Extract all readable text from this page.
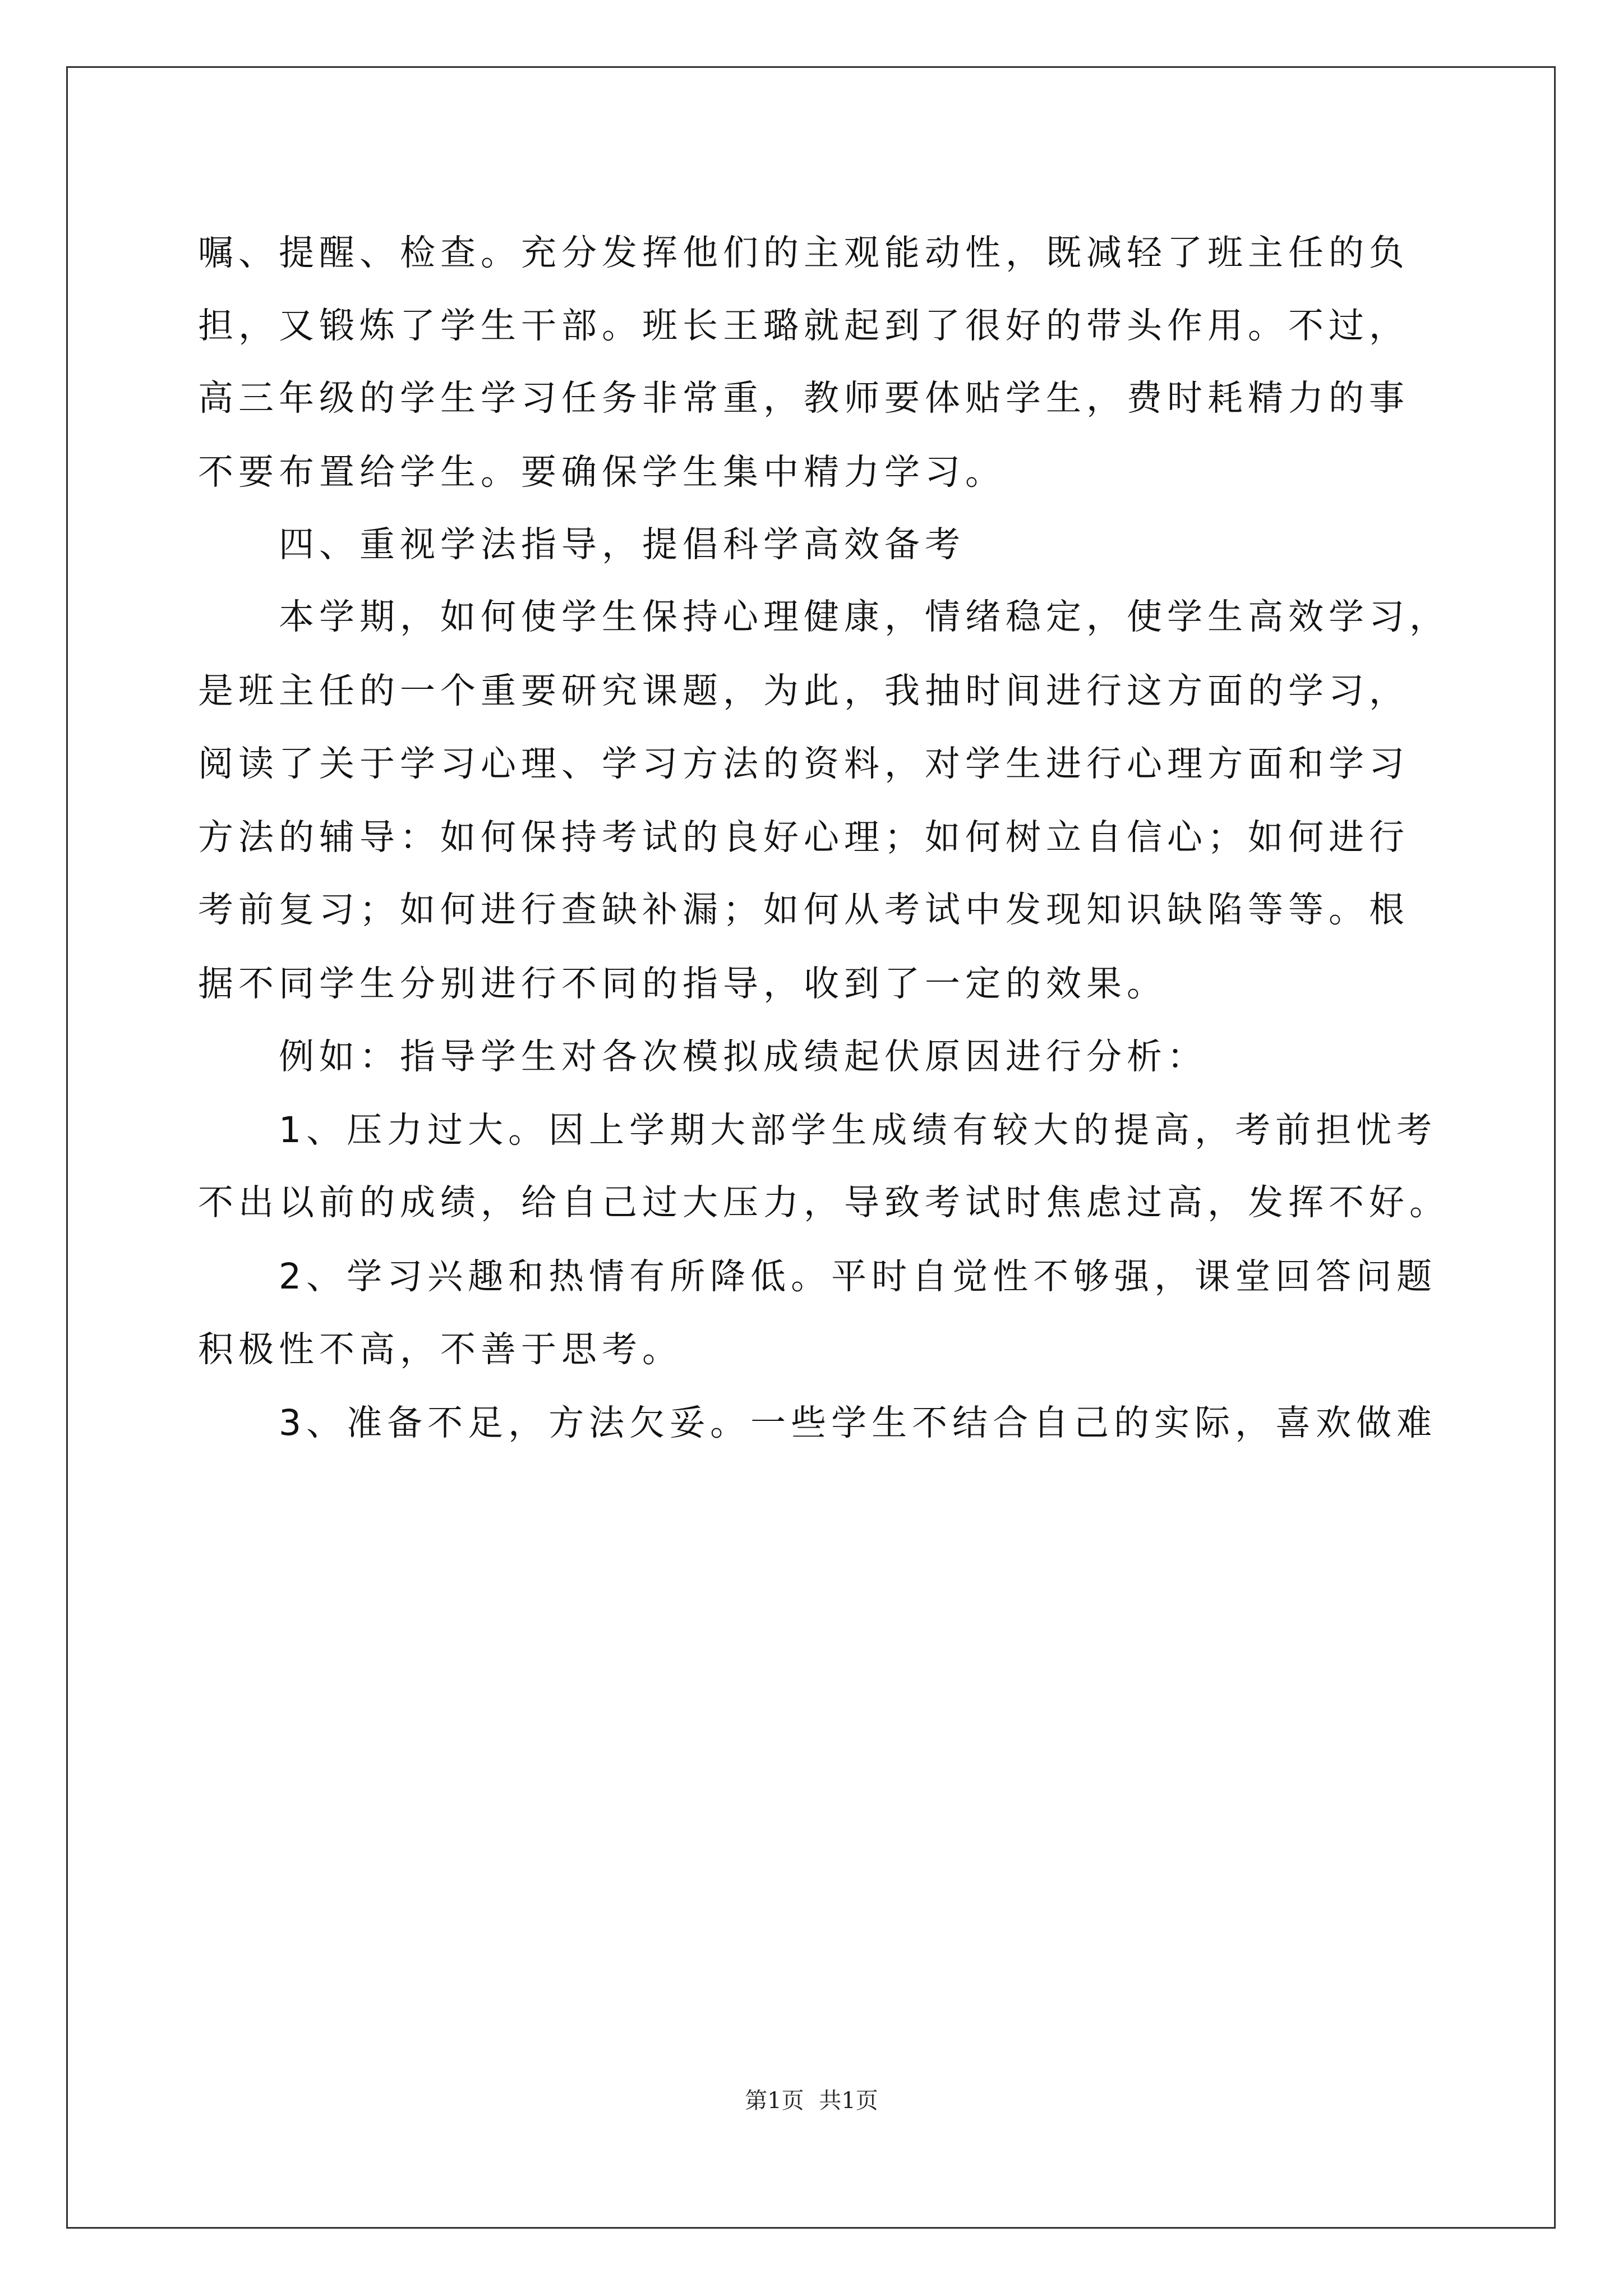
嘱、提醒、检查。充分发挥他们的主观能动性，既减轻了班主任的负
担，又锻炼了学生干部。班长王璐就起到了很好的带头作用。不过，
高三年级的学生学习任务非常重，教师要体贴学生，费时耗精力的事
不要布置给学生。要确保学生集中精力学习。
　　四、重视学法指导，提倡科学高效备考
　　本学期，如何使学生保持心理健康，情绪稳定，使学生高效学习，
是班主任的一个重要研究课题，为此，我抽时间进行这方面的学习，
阅读了关于学习心理、学习方法的资料，对学生进行心理方面和学习
方法的辅导：如何保持考试的良好心理；如何树立自信心；如何进行
考前复习；如何进行查缺补漏；如何从考试中发现知识缺陷等等。根
据不同学生分别进行不同的指导，收到了一定的效果。
　　例如：指导学生对各次模拟成绩起伏原因进行分析：
　　1、压力过大。因上学期大部学生成绩有较大的提高，考前担忧考
不出以前的成绩，给自己过大压力，导致考试时焦虑过高，发挥不好。
　　2、学习兴趣和热情有所降低。平时自觉性不够强，课堂回答问题
积极性不高，不善于思考。
　　3、准备不足，方法欠妥。一些学生不结合自己的实际，喜欢做难
第1页 共1页
